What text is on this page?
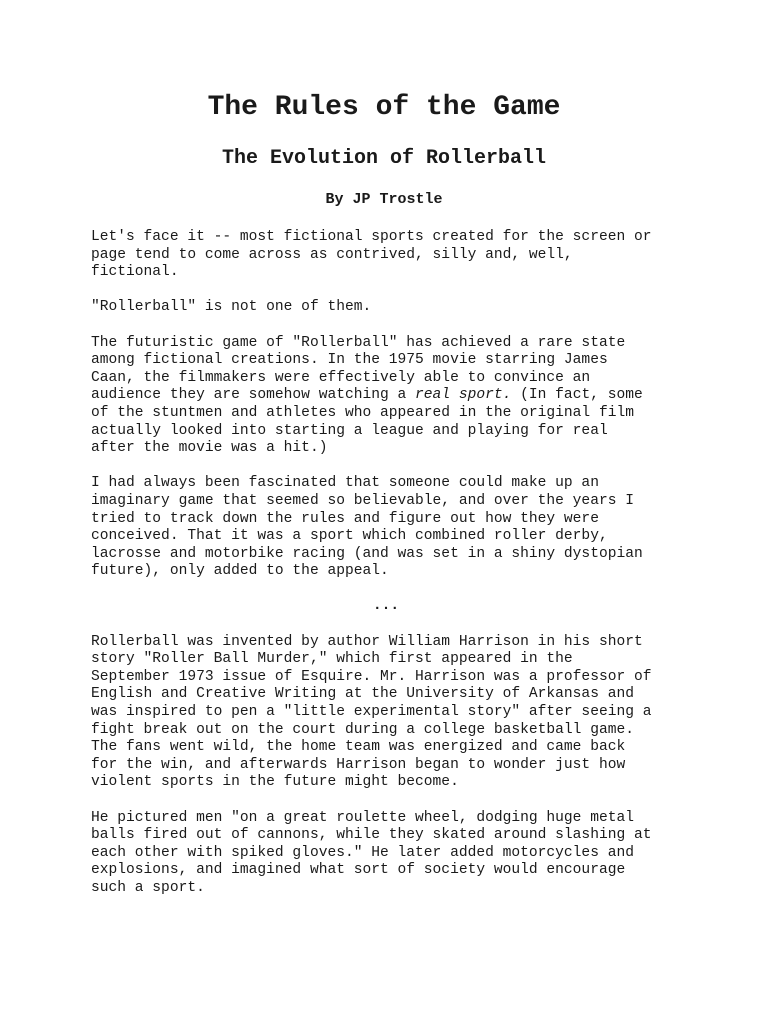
The Rules of the Game
The Evolution of Rollerball
By JP Trostle

Let's face it -- most fictional sports created for the screen or
page tend to come across as contrived, silly and, well,
fictional.

"Rollerball" is not one of them.

The futuristic game of "Rollerball" has achieved a rare state
among fictional creations. In the 1975 movie starring James
Caan, the filmmakers were effectively able to convince an
audience they are somehow watching a real sport. (In fact, some
of the stuntmen and athletes who appeared in the original film
actually looked into starting a league and playing for real
after the movie was a hit.)

I had always been fascinated that someone could make up an
imaginary game that seemed so believable, and over the years I
tried to track down the rules and figure out how they were
conceived. That it was a sport which combined roller derby,
lacrosse and motorbike racing (and was set in a shiny dystopian
future), only added to the appeal.

...

Rollerball was invented by author William Harrison in his short
story "Roller Ball Murder," which first appeared in the
September 1973 issue of Esquire. Mr. Harrison was a professor of
English and Creative Writing at the University of Arkansas and
was inspired to pen a "little experimental story" after seeing a
fight break out on the court during a college basketball game.
The fans went wild, the home team was energized and came back
for the win, and afterwards Harrison began to wonder just how
violent sports in the future might become.

He pictured men "on a great roulette wheel, dodging huge metal
balls fired out of cannons, while they skated around slashing at
each other with spiked gloves." He later added motorcycles and
explosions, and imagined what sort of society would encourage
such a sport.
